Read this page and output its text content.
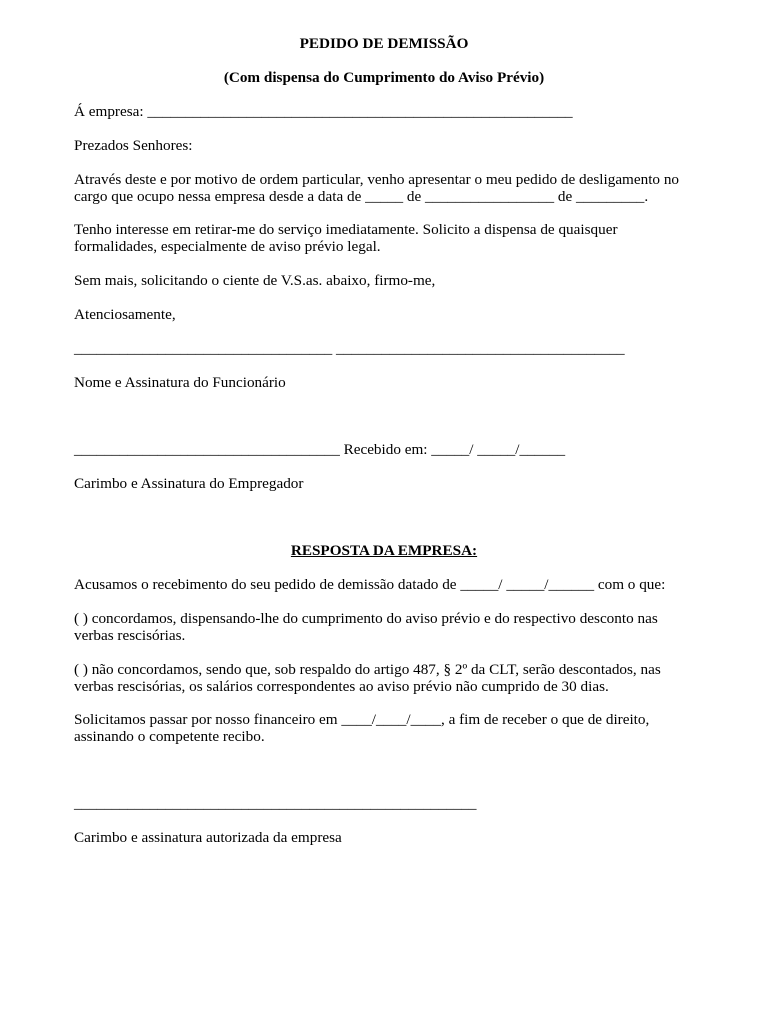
PEDIDO DE DEMISSÃO
(Com dispensa do Cumprimento do Aviso Prévio)
Á empresa: ________________________________________________________
Prezados Senhores:
Através deste e por motivo de ordem particular, venho apresentar o meu pedido de desligamento no
cargo que ocupo nessa empresa desde a data de _____ de _________________ de _________.
Tenho interesse em retirar-me do serviço imediatamente. Solicito a dispensa de quaisquer
formalidades, especialmente de aviso prévio legal.
Sem mais, solicitando o ciente de V.S.as. abaixo, firmo-me,
Atenciosamente,
__________________________________ ______________________________________
Nome e Assinatura do Funcionário
___________________________________ Recebido em: _____/ _____/______
Carimbo e Assinatura do Empregador
RESPOSTA DA EMPRESA:
Acusamos o recebimento do seu pedido de demissão datado de _____/ _____/______ com o que:
( ) concordamos, dispensando-lhe do cumprimento do aviso prévio e do respectivo desconto nas
verbas rescisórias.
( ) não concordamos, sendo que, sob respaldo do artigo 487, § 2º da CLT, serão descontados, nas
verbas rescisórias, os salários correspondentes ao aviso prévio não cumprido de 30 dias.
Solicitamos passar por nosso financeiro em ____/____/____, a fim de receber o que de direito,
assinando o competente recibo.
_____________________________________________________
Carimbo e assinatura autorizada da empresa
